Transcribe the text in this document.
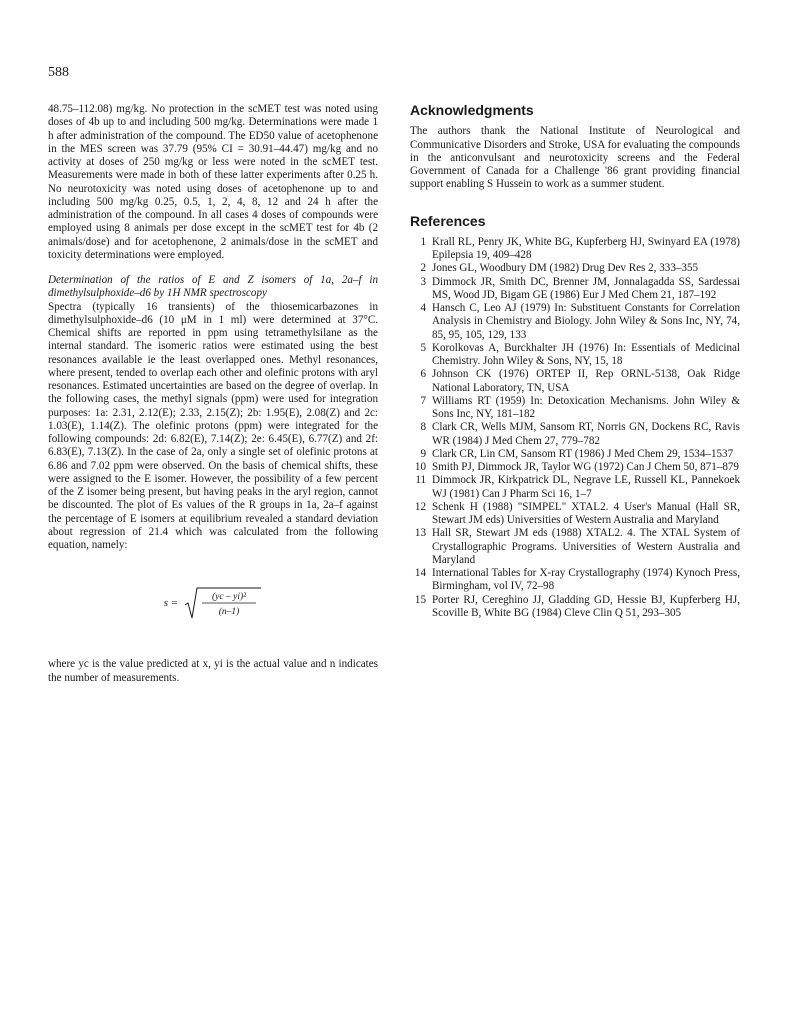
588

48.75–112.08) mg/kg. No protection in the scMET test was noted using doses of 4b up to and including 500 mg/kg. Determinations were made 1 h after administration of the compound. The ED50 value of acetophenone in the MES screen was 37.79 (95% CI = 30.91–44.47) mg/kg and no activity at doses of 250 mg/kg or less were noted in the scMET test. Measurements were made in both of these latter experiments after 0.25 h. No neurotoxicity was noted using doses of acetophenone up to and including 500 mg/kg 0.25, 0.5, 1, 2, 4, 8, 12 and 24 h after the administration of the compound. In all cases 4 doses of compounds were employed using 8 animals per dose except in the scMET test for 4b (2 animals/dose) and for acetophenone, 2 animals/dose in the scMET and toxicity determinations were employed.

Determination of the ratios of E and Z isomers of 1a, 2a–f in dimethylsulphoxide–d6 by 1H NMR spectroscopy

Spectra (typically 16 transients) of the thiosemicarbazones in dimethylsulphoxide–d6 (10 μM in 1 ml) were determined at 37°C. Chemical shifts are reported in ppm using tetramethylsilane as the internal standard. The isomeric ratios were estimated using the best resonances available ie the least overlapped ones. Methyl resonances, where present, tended to overlap each other and olefinic protons with aryl resonances. Estimated uncertainties are based on the degree of overlap. In the following cases, the methyl signals (ppm) were used for integration purposes: 1a: 2.31, 2.12(E); 2.33, 2.15(Z); 2b: 1.95(E), 2.08(Z) and 2c: 1.03(E), 1.14(Z). The olefinic protons (ppm) were integrated for the following compounds: 2d: 6.82(E), 7.14(Z); 2e: 6.45(E), 6.77(Z) and 2f: 6.83(E), 7.13(Z). In the case of 2a, only a single set of olefinic protons at 6.86 and 7.02 ppm were observed. On the basis of chemical shifts, these were assigned to the E isomer. However, the possibility of a few percent of the Z isomer being present, but having peaks in the aryl region, cannot be discounted. The plot of Es values of the R groups in 1a, 2a–f against the percentage of E isomers at equilibrium revealed a standard deviation about regression of 21.4 which was calculated from the following equation, namely:

s =	(yc – yi)²
(n–1)

where yc is the value predicted at x, yi is the actual value and n indicates the number of measurements.

Acknowledgments

The authors thank the National Institute of Neurological and Communicative Disorders and Stroke, USA for evaluating the compounds in the anticonvulsant and neurotoxicity screens and the Federal Government of Canada for a Challenge '86 grant providing financial support enabling S Hussein to work as a summer student.

References
1 Krall RL, Penry JK, White BG, Kupferberg HJ, Swinyard EA (1978) Epilepsia 19, 409–428
2 Jones GL, Woodbury DM (1982) Drug Dev Res 2, 333–355
3 Dimmock JR, Smith DC, Brenner JM, Jonnalagadda SS, Sardessai MS, Wood JD, Bigam GE (1986) Eur J Med Chem 21, 187–192
4 Hansch C, Leo AJ (1979) In: Substituent Constants for Correlation Analysis in Chemistry and Biology. John Wiley & Sons Inc, NY, 74, 85, 95, 105, 129, 133
5 Korolkovas A, Burckhalter JH (1976) In: Essentials of Medicinal Chemistry. John Wiley & Sons, NY, 15, 18
6 Johnson CK (1976) ORTEP II, Rep ORNL-5138, Oak Ridge National Laboratory, TN, USA
7 Williams RT (1959) In: Detoxication Mechanisms. John Wiley & Sons Inc, NY, 181–182
8 Clark CR, Wells MJM, Sansom RT, Norris GN, Dockens RC, Ravis WR (1984) J Med Chem 27, 779–782
9 Clark CR, Lin CM, Sansom RT (1986) J Med Chem 29, 1534–1537
10 Smith PJ, Dimmock JR, Taylor WG (1972) Can J Chem 50, 871–879
11 Dimmock JR, Kirkpatrick DL, Negrave LE, Russell KL, Pannekoek WJ (1981) Can J Pharm Sci 16, 1–7
12 Schenk H (1988) "SIMPEL" XTAL2. 4 User's Manual (Hall SR, Stewart JM eds) Universities of Western Australia and Maryland
13 Hall SR, Stewart JM eds (1988) XTAL2. 4. The XTAL System of Crystallographic Programs. Universities of Western Australia and Maryland
14 International Tables for X-ray Crystallography (1974) Kynoch Press, Birmingham, vol IV, 72–98
15 Porter RJ, Cereghino JJ, Gladding GD, Hessie BJ, Kupferberg HJ, Scoville B, White BG (1984) Cleve Clin Q 51, 293–305
